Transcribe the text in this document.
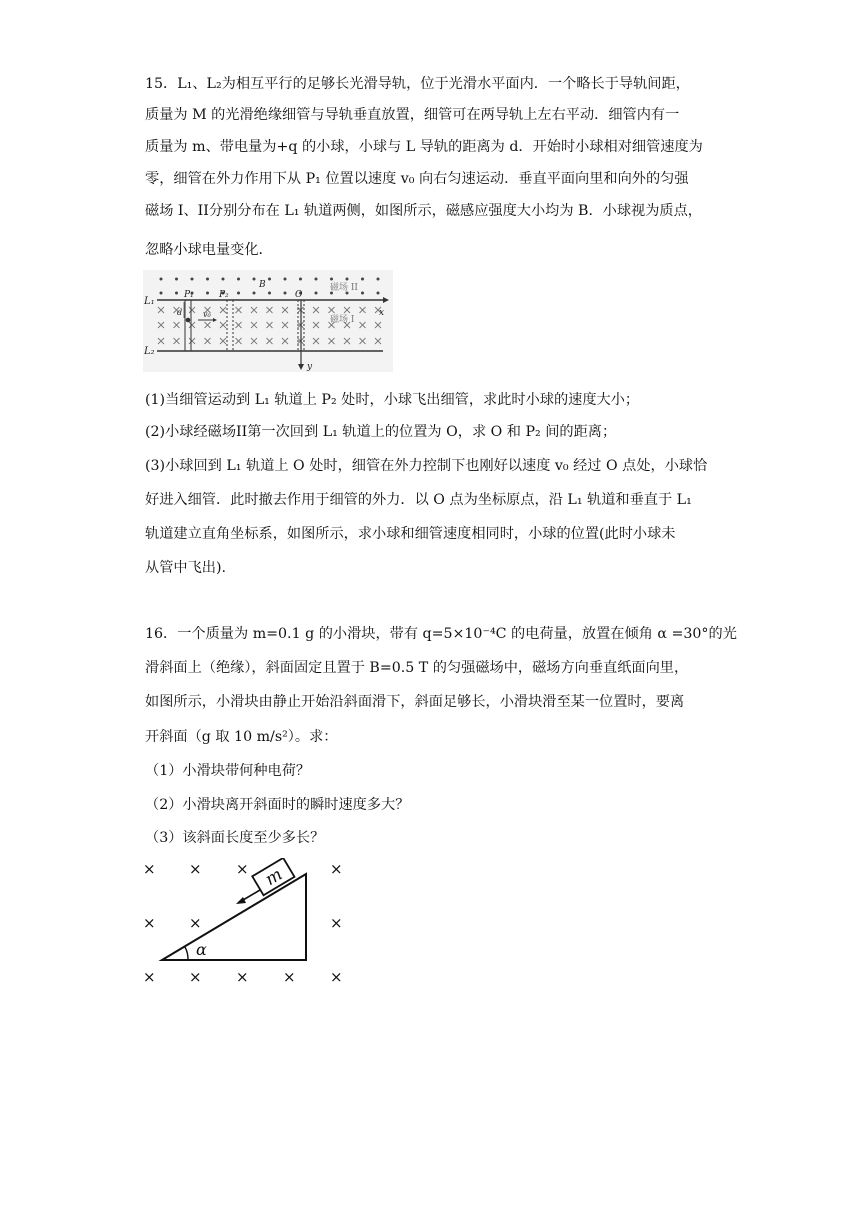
15．L₁、L₂为相互平行的足够长光滑导轨，位于光滑水平面内．一个略长于导轨间距，
质量为 M 的光滑绝缘细管与导轨垂直放置，细管可在两导轨上左右平动．细管内有一
质量为 m、带电量为+q 的小球，小球与 L 导轨的距离为 d．开始时小球相对细管速度为
零，细管在外力作用下从 P₁ 位置以速度 v₀ 向右匀速运动．垂直平面向里和向外的匀强
磁场 I、II分别分布在 L₁ 轨道两侧，如图所示，磁感应强度大小均为 B．小球视为质点，
忽略小球电量变化．
L₁
L₂
P₁	P₂	O
B
x
y
d	v₀
磁场 II
磁场 I
(1)当细管运动到 L₁ 轨道上 P₂ 处时，小球飞出细管，求此时小球的速度大小；
(2)小球经磁场II第一次回到 L₁ 轨道上的位置为 O，求 O 和 P₂ 间的距离；
(3)小球回到 L₁ 轨道上 O 处时，细管在外力控制下也刚好以速度 v₀ 经过 O 点处，小球恰
好进入细管．此时撤去作用于细管的外力．以 O 点为坐标原点，沿 L₁ 轨道和垂直于 L₁
轨道建立直角坐标系，如图所示，求小球和细管速度相同时，小球的位置(此时小球未
从管中飞出).
16．一个质量为 m=0.1 g 的小滑块，带有 q=5×10⁻⁴C 的电荷量，放置在倾角 α =30°的光
滑斜面上（绝缘），斜面固定且置于 B=0.5 T 的匀强磁场中，磁场方向垂直纸面向里，
如图所示，小滑块由静止开始沿斜面滑下，斜面足够长，小滑块滑至某一位置时，要离
开斜面（g 取 10 m/s²）。求：
（1）小滑块带何种电荷？
（2）小滑块离开斜面时的瞬时速度多大？
（3）该斜面长度至少多长？
× × ×	×
× ×	×
× × × × ×
α
m
